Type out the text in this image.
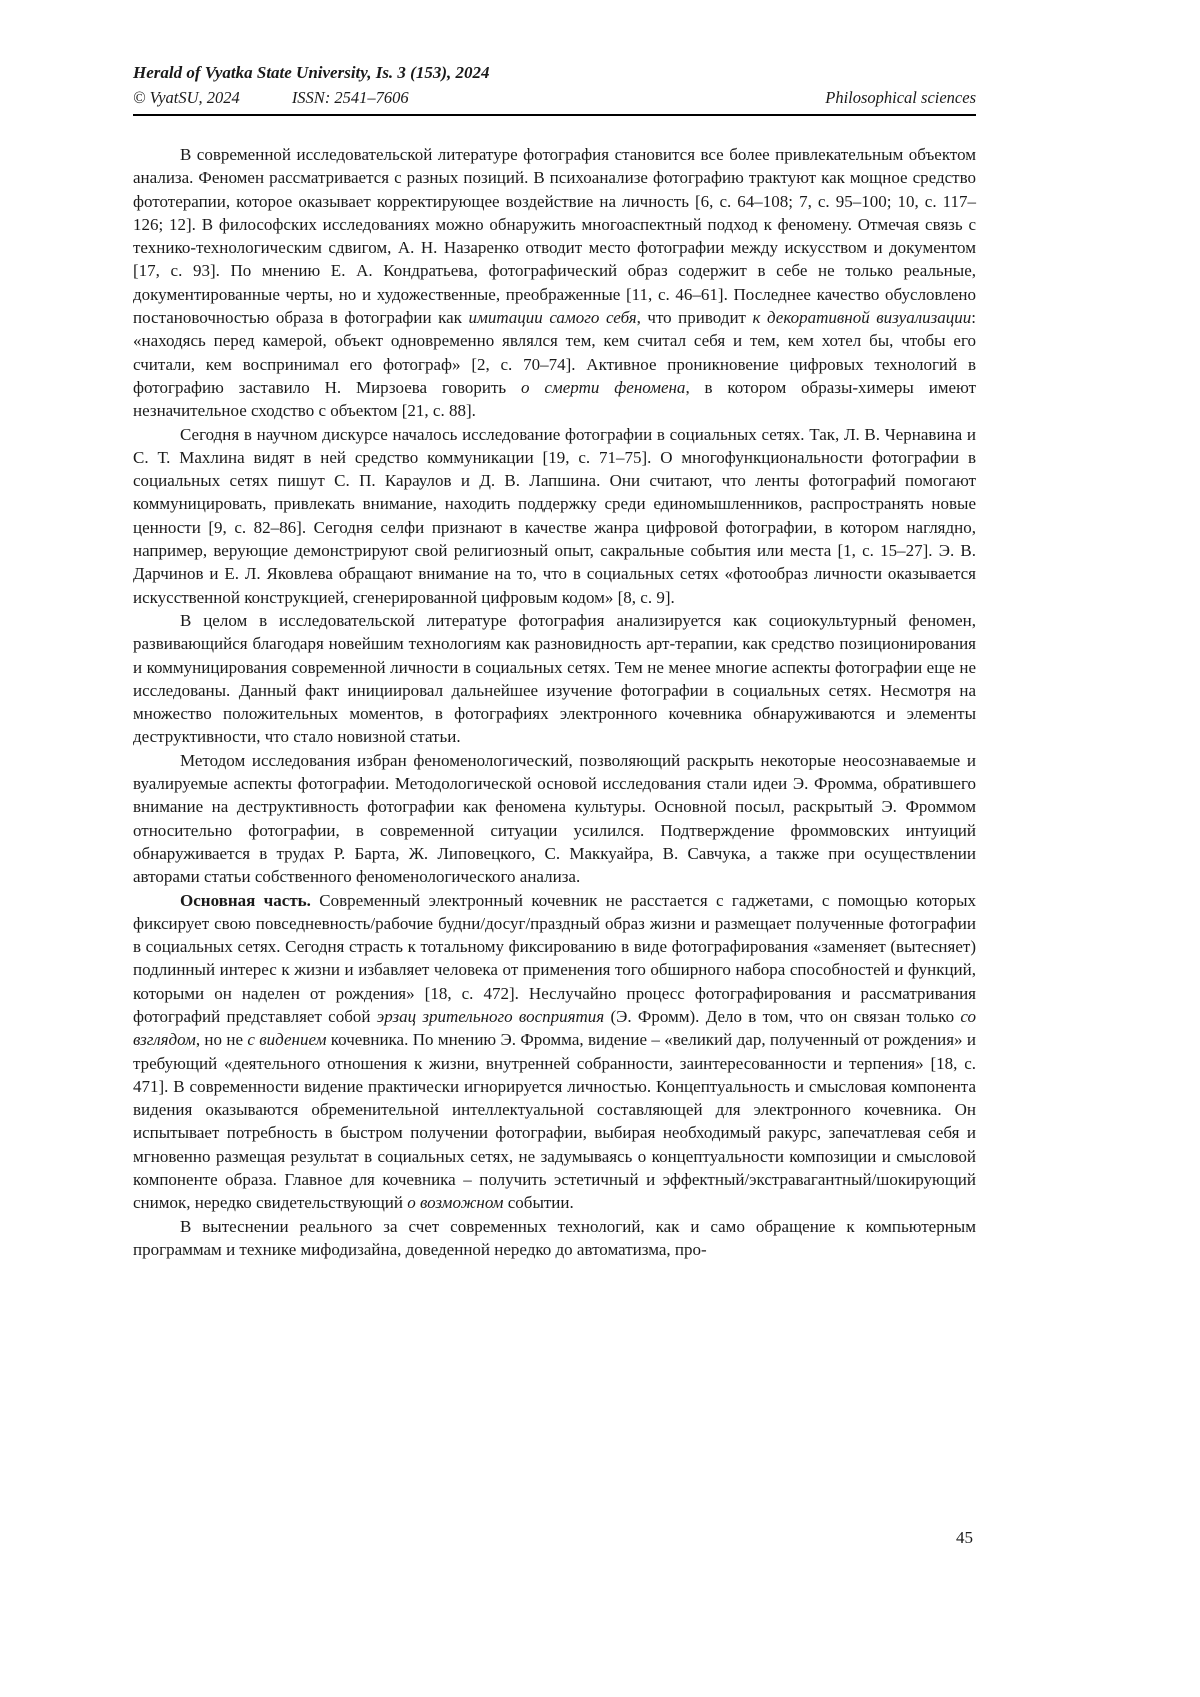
Herald of Vyatka State University, Is. 3 (153), 2024
© VyatSU, 2024	ISSN: 2541–7606	Philosophical sciences

В современной исследовательской литературе фотография становится все более привлекательным объектом анализа. Феномен рассматривается с разных позиций. В психоанализе фотографию трактуют как мощное средство фототерапии, которое оказывает корректирующее воздействие на личность [6, с. 64–108; 7, с. 95–100; 10, с. 117–126; 12]. В философских исследованиях можно обнаружить многоаспектный подход к феномену. Отмечая связь с технико-технологическим сдвигом, А. Н. Назаренко отводит место фотографии между искусством и документом [17, с. 93]. По мнению Е. А. Кондратьева, фотографический образ содержит в себе не только реальные, документированные черты, но и художественные, преображенные [11, с. 46–61]. Последнее качество обусловлено постановочностью образа в фотографии как имитации самого себя, что приводит к декоративной визуализации: «находясь перед камерой, объект одновременно являлся тем, кем считал себя и тем, кем хотел бы, чтобы его считали, кем воспринимал его фотограф» [2, с. 70–74]. Активное проникновение цифровых технологий в фотографию заставило Н. Мирзоева говорить о смерти феномена, в котором образы-химеры имеют незначительное сходство с объектом [21, с. 88].

Сегодня в научном дискурсе началось исследование фотографии в социальных сетях. Так, Л. В. Чернавина и С. Т. Махлина видят в ней средство коммуникации [19, с. 71–75]. О многофункциональности фотографии в социальных сетях пишут С. П. Караулов и Д. В. Лапшина. Они считают, что ленты фотографий помогают коммуницировать, привлекать внимание, находить поддержку среди единомышленников, распространять новые ценности [9, с. 82–86]. Сегодня селфи признают в качестве жанра цифровой фотографии, в котором наглядно, например, верующие демонстрируют свой религиозный опыт, сакральные события или места [1, с. 15–27]. Э. В. Дарчинов и Е. Л. Яковлева обращают внимание на то, что в социальных сетях «фотообраз личности оказывается искусственной конструкцией, сгенерированной цифровым кодом» [8, с. 9].

В целом в исследовательской литературе фотография анализируется как социокультурный феномен, развивающийся благодаря новейшим технологиям как разновидность арт-терапии, как средство позиционирования и коммуницирования современной личности в социальных сетях. Тем не менее многие аспекты фотографии еще не исследованы. Данный факт инициировал дальнейшее изучение фотографии в социальных сетях. Несмотря на множество положительных моментов, в фотографиях электронного кочевника обнаруживаются и элементы деструктивности, что стало новизной статьи.

Методом исследования избран феноменологический, позволяющий раскрыть некоторые неосознаваемые и вуалируемые аспекты фотографии. Методологической основой исследования стали идеи Э. Фромма, обратившего внимание на деструктивность фотографии как феномена культуры. Основной посыл, раскрытый Э. Фроммом относительно фотографии, в современной ситуации усилился. Подтверждение фроммовских интуиций обнаруживается в трудах Р. Барта, Ж. Липовецкого, С. Маккуайра, В. Савчука, а также при осуществлении авторами статьи собственного феноменологического анализа.

Основная часть. Современный электронный кочевник не расстается с гаджетами, с помощью которых фиксирует свою повседневность/рабочие будни/досуг/праздный образ жизни и размещает полученные фотографии в социальных сетях. Сегодня страсть к тотальному фиксированию в виде фотографирования «заменяет (вытесняет) подлинный интерес к жизни и избавляет человека от применения того обширного набора способностей и функций, которыми он наделен от рождения» [18, с. 472]. Неслучайно процесс фотографирования и рассматривания фотографий представляет собой эрзац зрительного восприятия (Э. Фромм). Дело в том, что он связан только со взглядом, но не с видением кочевника. По мнению Э. Фромма, видение – «великий дар, полученный от рождения» и требующий «деятельного отношения к жизни, внутренней собранности, заинтересованности и терпения» [18, с. 471]. В современности видение практически игнорируется личностью. Концептуальность и смысловая компонента видения оказываются обременительной интеллектуальной составляющей для электронного кочевника. Он испытывает потребность в быстром получении фотографии, выбирая необходимый ракурс, запечатлевая себя и мгновенно размещая результат в социальных сетях, не задумываясь о концептуальности композиции и смысловой компоненте образа. Главное для кочевника – получить эстетичный и эффектный/экстравагантный/шокирующий снимок, нередко свидетельствующий о возможном событии.

В вытеснении реального за счет современных технологий, как и само обращение к компьютерным программам и технике мифодизайна, доведенной нередко до автоматизма, про-

45
